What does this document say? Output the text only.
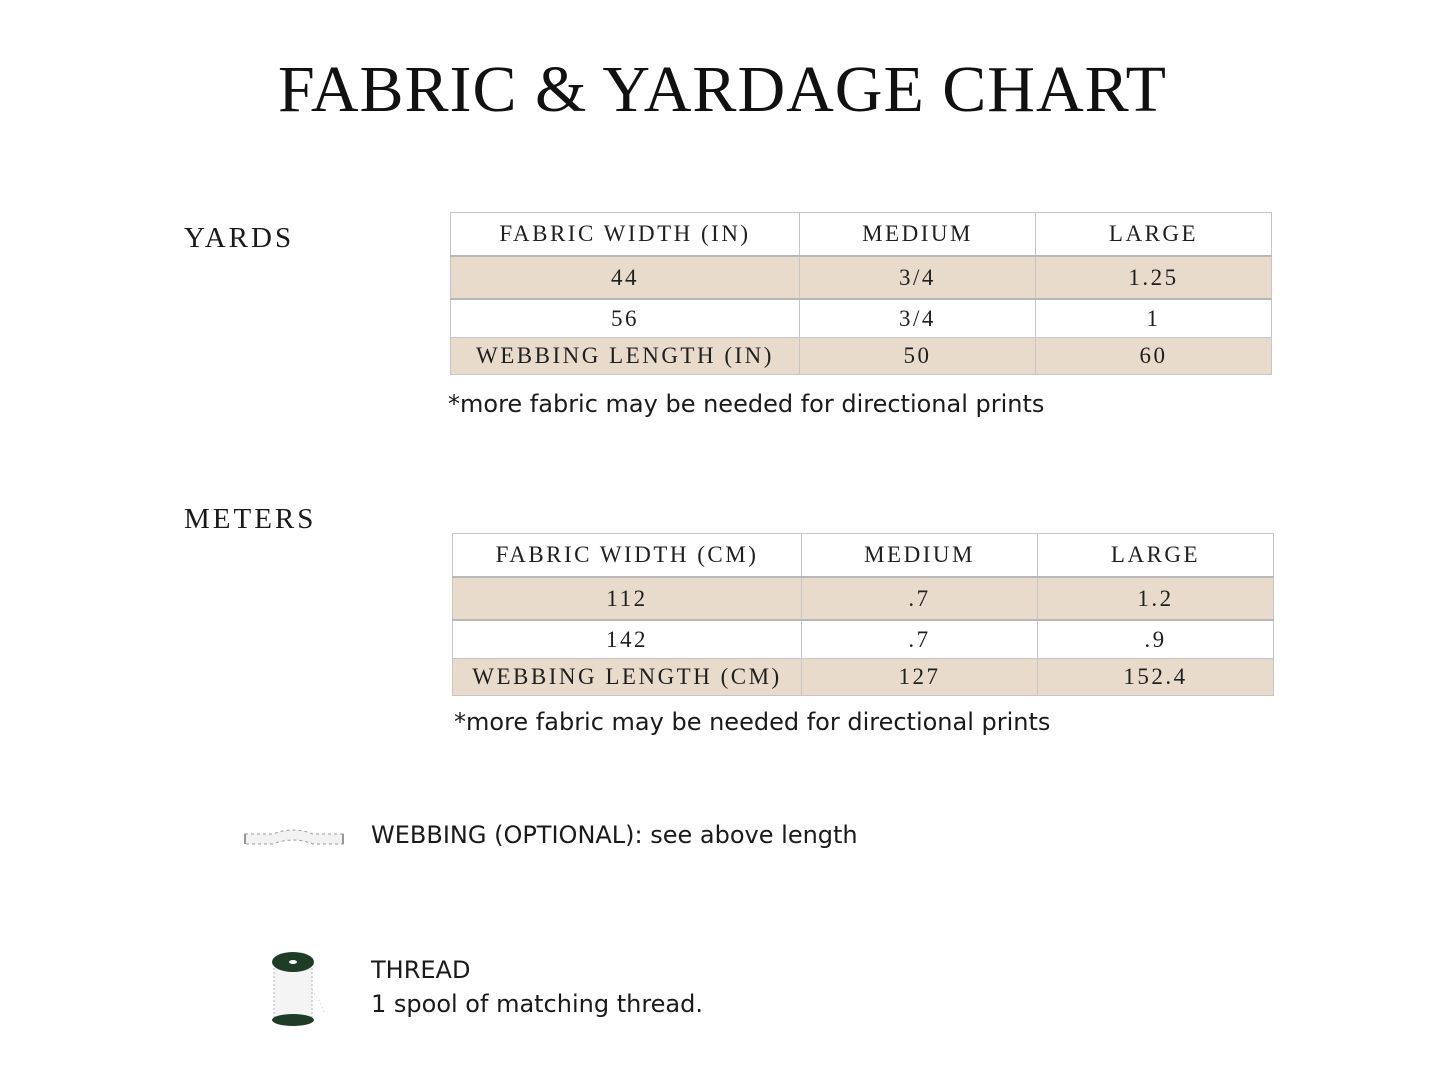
FABRIC & YARDAGE CHART
YARDS	FABRIC WIDTH (IN)	MEDIUM	LARGE
44	3/4	1.25
56	3/4	1
WEBBING LENGTH (IN)	50	60
*more fabric may be needed for directional prints
METERS
FABRIC WIDTH (CM)	MEDIUM	LARGE
112	.7	1.2
142	.7	.9
WEBBING LENGTH (CM)	127	152.4
*more fabric may be needed for directional prints
WEBBING (OPTIONAL): see above length
THREAD
1 spool of matching thread.
